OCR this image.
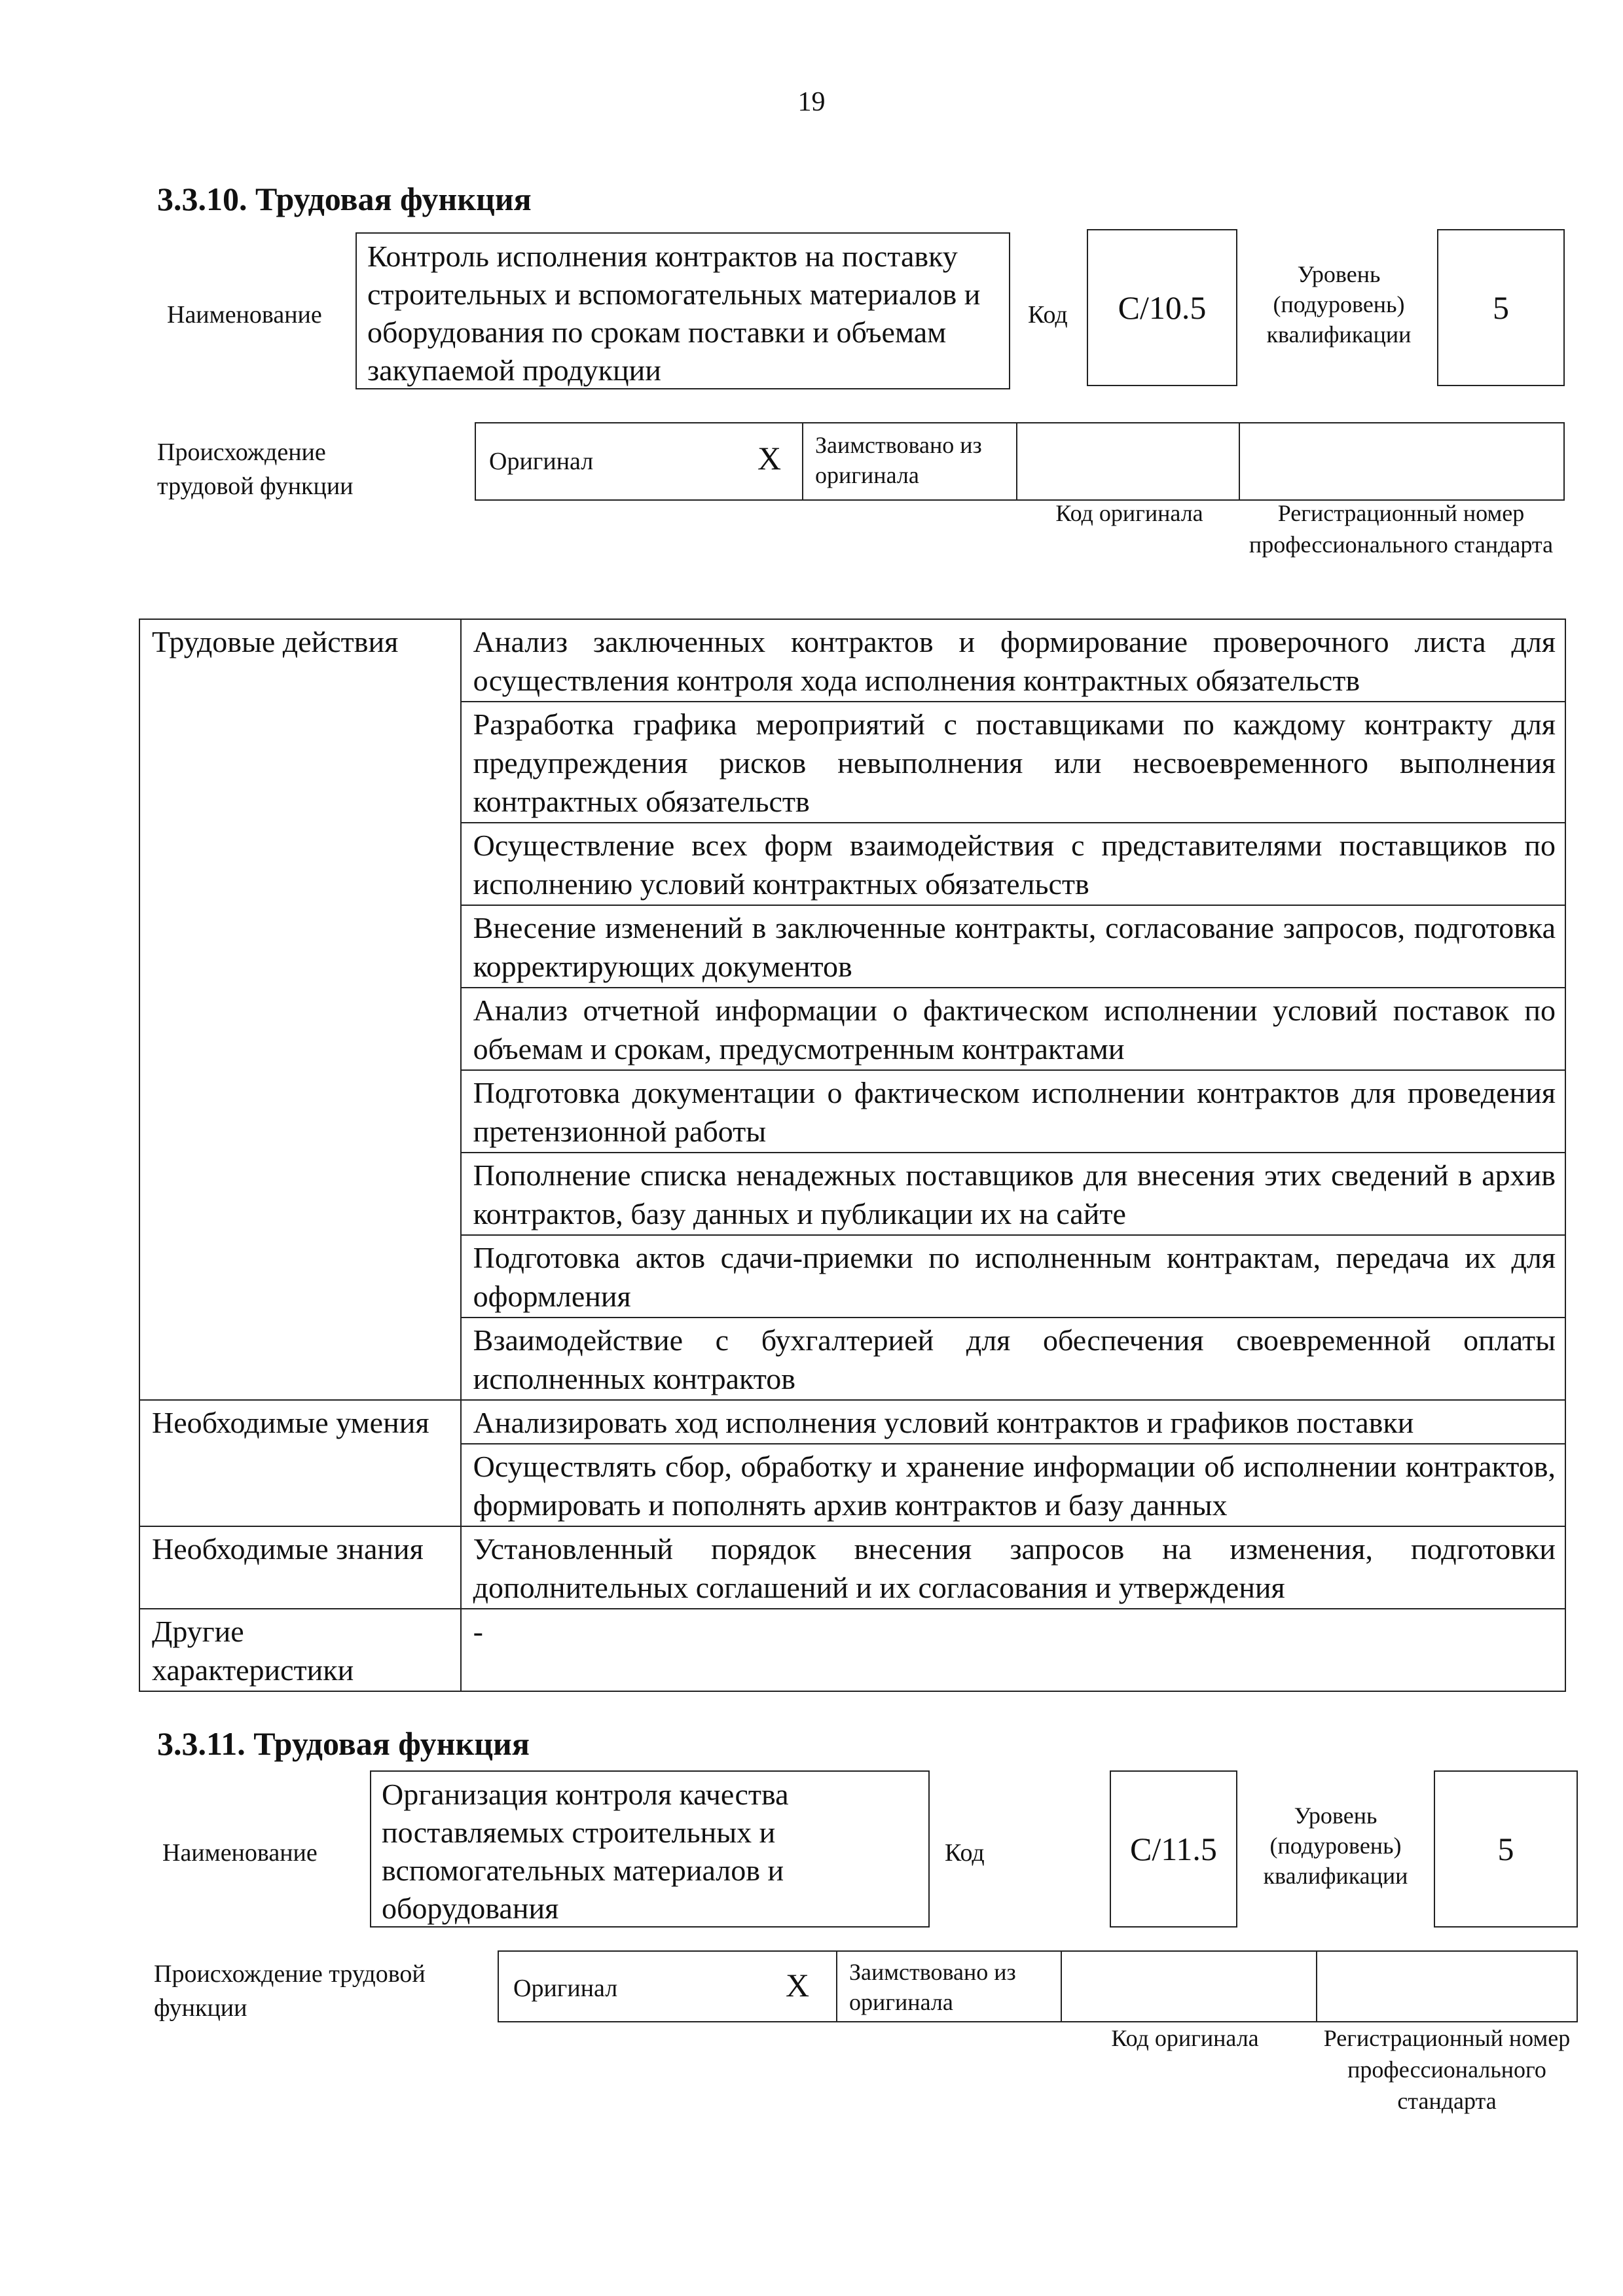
19
3.3.10. Трудовая функция
Наименование
Контроль исполнения контрактов на поставку строительных и вспомогательных материалов и оборудования по срокам поставки и объемам закупаемой продукции
Код С/10.5
Уровень (подуровень) квалификации
5
Происхождение трудовой функции
Оригинал	X Заимствовано из оригинала
Код оригинала	Регистрационный номер профессионального стандарта
Трудовые действия	Анализ заключенных контрактов и формирование проверочного листа для осуществления контроля хода исполнения контрактных обязательств
	Разработка графика мероприятий с поставщиками по каждому контракту для предупреждения рисков невыполнения или несвоевременного выполнения контрактных обязательств
	Осуществление всех форм взаимодействия с представителями поставщиков по исполнению условий контрактных обязательств
	Внесение изменений в заключенные контракты, согласование запросов, подготовка корректирующих документов
	Анализ отчетной информации о фактическом исполнении условий поставок по объемам и срокам, предусмотренным контрактами
	Подготовка документации о фактическом исполнении контрактов для проведения претензионной работы
	Пополнение списка ненадежных поставщиков для внесения этих сведений в архив контрактов, базу данных и публикации их на сайте
	Подготовка актов сдачи-приемки по исполненным контрактам, передача их для оформления
	Взаимодействие с бухгалтерией для обеспечения своевременной оплаты исполненных контрактов
Необходимые умения	Анализировать ход исполнения условий контрактов и графиков поставки
	Осуществлять сбор, обработку и хранение информации об исполнении контрактов, формировать и пополнять архив контрактов и базу данных
Необходимые знания	Установленный порядок внесения запросов на изменения, подготовки дополнительных соглашений и их согласования и утверждения
Другие характеристики	-
3.3.11. Трудовая функция
Наименование
Организация контроля качества поставляемых строительных и вспомогательных материалов и оборудования
Код	С/11.5
Уровень (подуровень) квалификации
5
Происхождение трудовой функции
Оригинал	X Заимствовано из оригинала
Код оригинала	Регистрационный номер профессионального стандарта
